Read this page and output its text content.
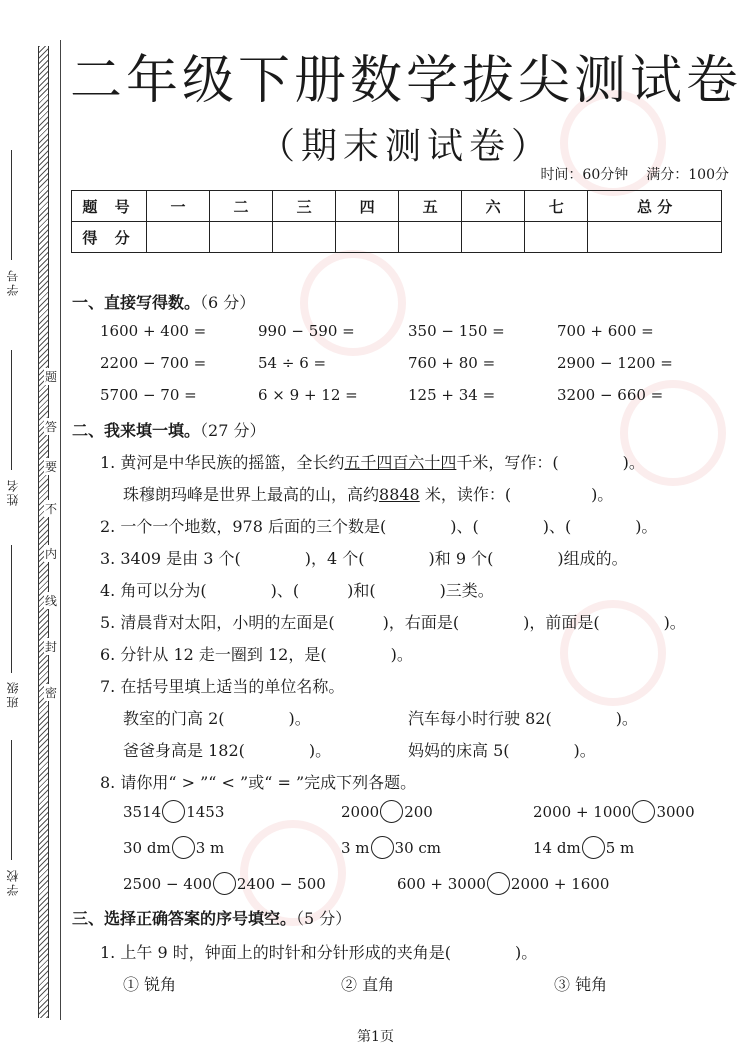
学号
姓名
班级
学校
题
答
要
不
内
线
封
密
二年级下册数学拔尖测试卷
（期末测试卷）
时间：60分钟 满分：100分
题 号	一	二	三	四	五	六	七	总 分
得 分								
一、直接写得数。（6 分）
1600 + 400 =	990 − 590 =	350 − 150 =	700 + 600 =
2200 − 700 =	54 ÷ 6 =	760 + 80 =	2900 − 1200 =
5700 − 70 =	6 × 9 + 12 =	125 + 34 =	3200 − 660 =
二、我来填一填。（27 分）
1. 黄河是中华民族的摇篮，全长约五千四百六十四千米，写作：(　　　　)。
珠穆朗玛峰是世界上最高的山，高约8848 米，读作：(　　　　　)。
2. 一个一个地数，978 后面的三个数是(　　　　)、(　　　　)、(　　　　)。
3. 3409 是由 3 个(　　　　)，4 个(　　　　)和 9 个(　　　　)组成的。
4. 角可以分为(　　　　)、(　　　)和(　　　　)三类。
5. 清晨背对太阳，小明的左面是(　　　)，右面是(　　　　)，前面是(　　　　)。
6. 分针从 12 走一圈到 12，是(　　　　)。
7. 在括号里填上适当的单位名称。
教室的门高 2(　　　　)。	汽车每小时行驶 82(　　　　)。
爸爸身高是 182(　　　　)。	妈妈的床高 5(　　　　)。
8. 请你用“ > ”“ < ”或“ = ”完成下列各题。
3514 1453	2000 200	2000 + 1000 3000
30 dm 3 m	3 m 30 cm	14 dm 5 m
2500 − 400 2400 − 500	600 + 3000 2000 + 1600
三、选择正确答案的序号填空。（5 分）
1. 上午 9 时，钟面上的时针和分针形成的夹角是(　　　　)。
① 锐角	② 直角	③ 钝角
第1页
